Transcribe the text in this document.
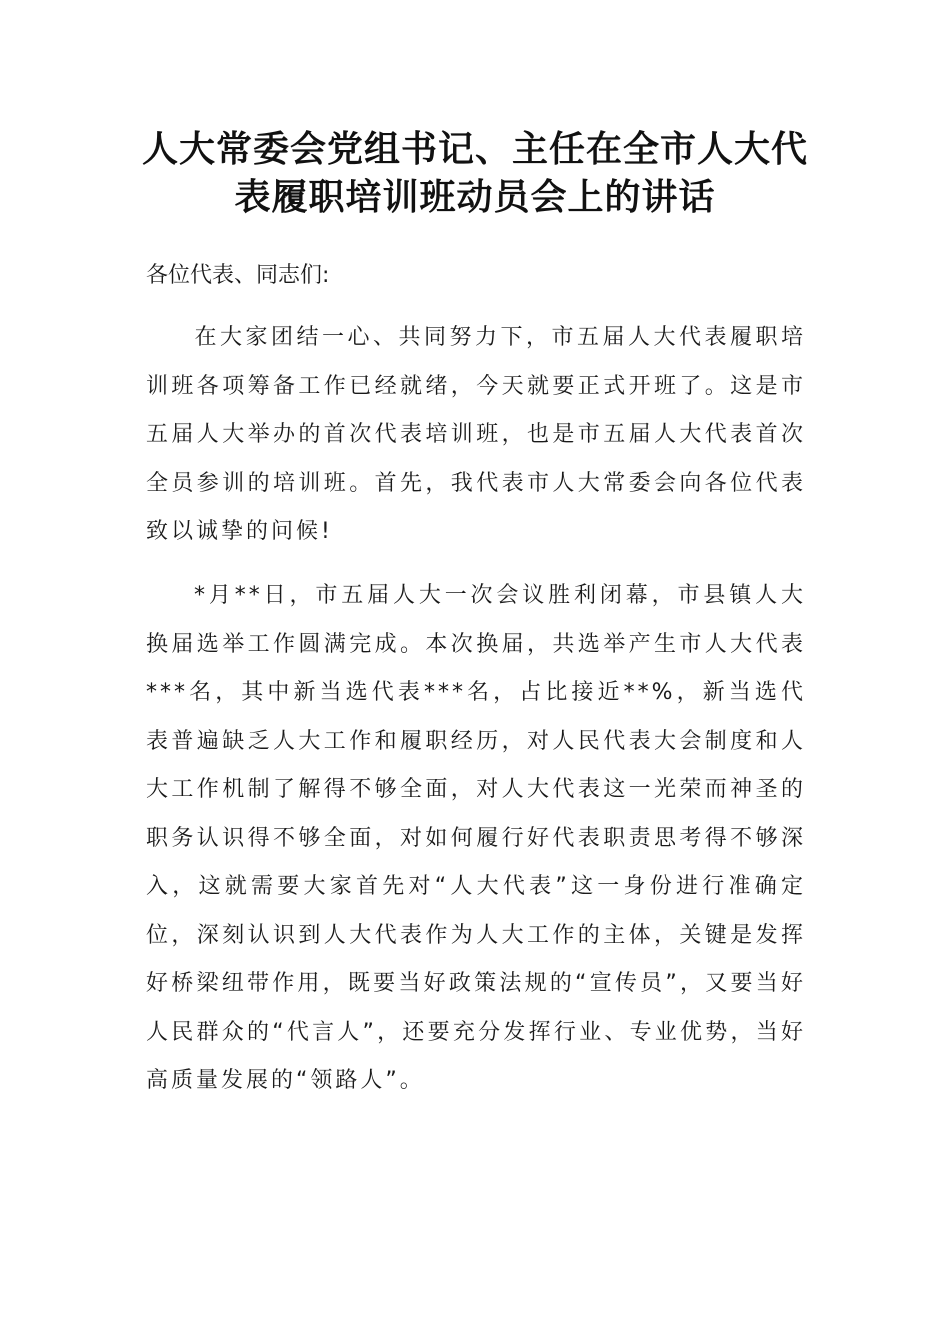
人大常委会党组书记、主任在全市人大代
表履职培训班动员会上的讲话

各位代表、同志们:

在大家团结一心、共同努力下，市五届人大代表履职培训班各项筹备工作已经就绪，今天就要正式开班了。这是市五届人大举办的首次代表培训班，也是市五届人大代表首次全员参训的培训班。首先，我代表市人大常委会向各位代表致以诚挚的问候!

*月**日，市五届人大一次会议胜利闭幕，市县镇人大换届选举工作圆满完成。本次换届，共选举产生市人大代表***名，其中新当选代表***名，占比接近**%，新当选代表普遍缺乏人大工作和履职经历，对人民代表大会制度和人大工作机制了解得不够全面，对人大代表这一光荣而神圣的职务认识得不够全面，对如何履行好代表职责思考得不够深入，这就需要大家首先对“人大代表”这一身份进行准确定位，深刻认识到人大代表作为人大工作的主体，关键是发挥好桥梁纽带作用，既要当好政策法规的“宣传员”，又要当好人民群众的“代言人”，还要充分发挥行业、专业优势，当好高质量发展的“领路人”。
